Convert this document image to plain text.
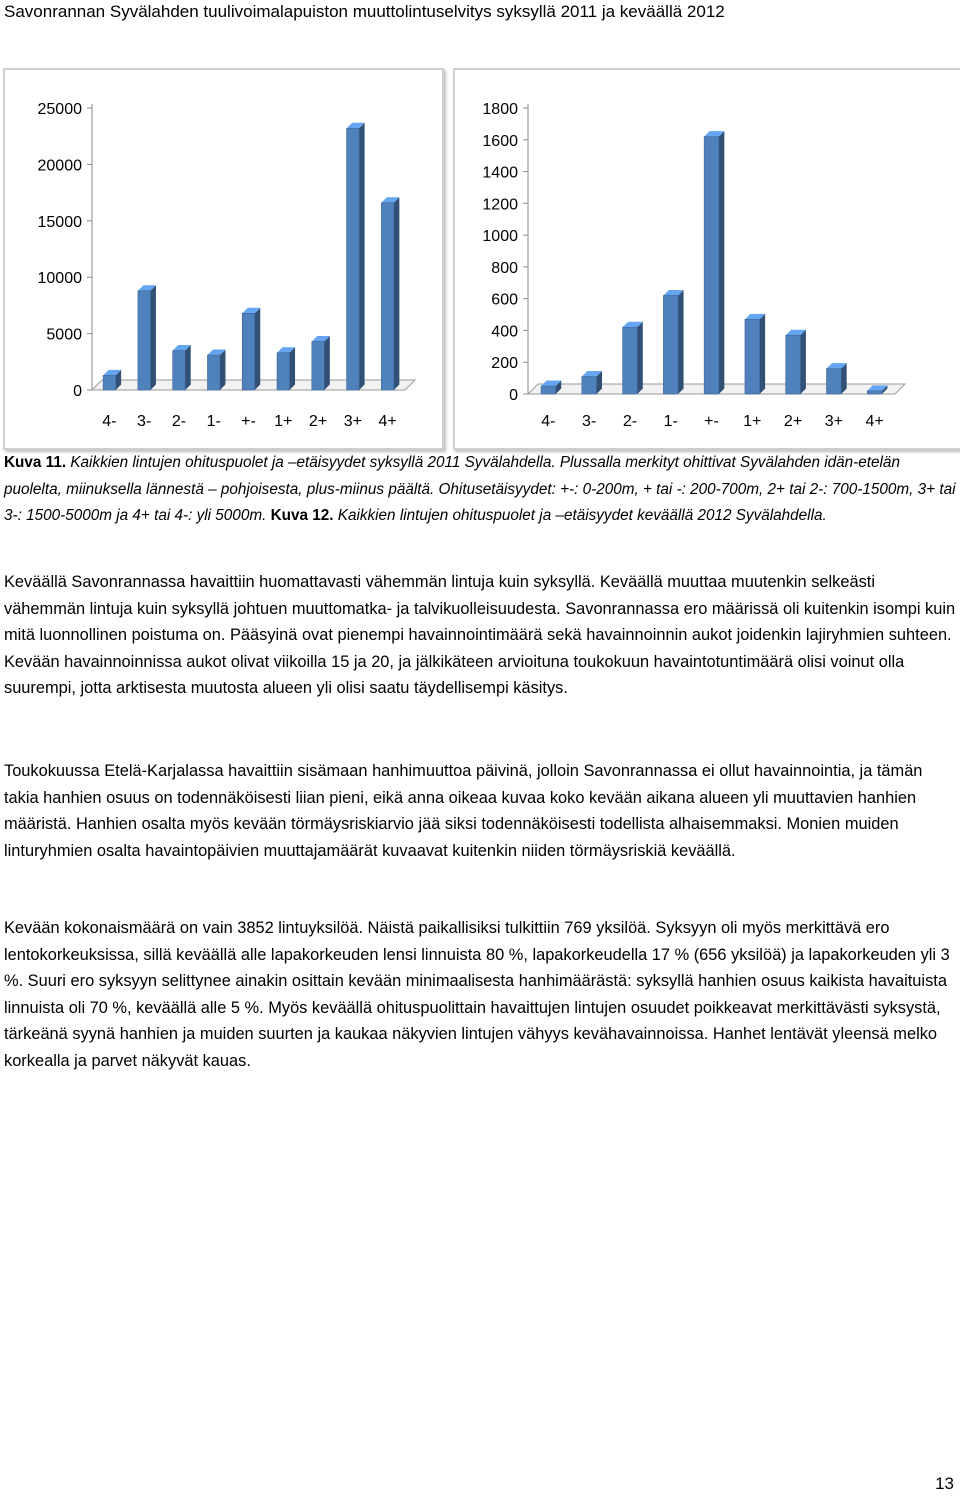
Savonrannan Syvälahden tuulivoimalapuiston muuttolintuselvitys syksyllä 2011 ja keväällä 2012
0
5000
10000
15000
20000
25000
4- 3- 2- 1- +- 1+ 2+ 3+ 4+
0
200
400
600
800
1000
1200
1400
1600
1800
4- 3- 2- 1- +- 1+ 2+ 3+ 4+

Kuva 11. Kaikkien lintujen ohituspuolet ja –etäisyydet syksyllä 2011 Syvälahdella. Plussalla merkityt ohittivat Syvälahden idän-etelän puolelta, miinuksella lännestä – pohjoisesta, plus-miinus päältä. Ohitusetäisyydet: +-: 0-200m, + tai -: 200-700m, 2+ tai 2-: 700-1500m, 3+ tai 3-: 1500-5000m ja 4+ tai 4-: yli 5000m. Kuva 12. Kaikkien lintujen ohituspuolet ja –etäisyydet keväällä 2012 Syvälahdella.

Keväällä Savonrannassa havaittiin huomattavasti vähemmän lintuja kuin syksyllä. Keväällä muuttaa muutenkin selkeästi vähemmän lintuja kuin syksyllä johtuen muuttomatka- ja talvikuolleisuudesta. Savonrannassa ero määrissä oli kuitenkin isompi kuin mitä luonnollinen poistuma on. Pääsyinä ovat pienempi havainnointimäärä sekä havainnoinnin aukot joidenkin lajiryhmien suhteen. Kevään havainnoinnissa aukot olivat viikoilla 15 ja 20, ja jälkikäteen arvioituna toukokuun havaintotuntimäärä olisi voinut olla suurempi, jotta arktisesta muutosta alueen yli olisi saatu täydellisempi käsitys.

Toukokuussa Etelä-Karjalassa havaittiin sisämaan hanhimuuttoa päivinä, jolloin Savonrannassa ei ollut havainnointia, ja tämän takia hanhien osuus on todennäköisesti liian pieni, eikä anna oikeaa kuvaa koko kevään aikana alueen yli muuttavien hanhien määristä. Hanhien osalta myös kevään törmäysriskiarvio jää siksi todennäköisesti todellista alhaisemmaksi. Monien muiden linturyhmien osalta havaintopäivien muuttajamäärät kuvaavat kuitenkin niiden törmäysriskiä keväällä.

Kevään kokonaismäärä on vain 3852 lintuyksilöä. Näistä paikallisiksi tulkittiin 769 yksilöä. Syksyyn oli myös merkittävä ero lentokorkeuksissa, sillä keväällä alle lapakorkeuden lensi linnuista 80 %, lapakorkeudella 17 % (656 yksilöä) ja lapakorkeuden yli 3 %. Suuri ero syksyyn selittynee ainakin osittain kevään minimaalisesta hanhimäärästä: syksyllä hanhien osuus kaikista havaituista linnuista oli 70 %, keväällä alle 5 %. Myös keväällä ohituspuolittain havaittujen lintujen osuudet poikkeavat merkittävästi syksystä, tärkeänä syynä hanhien ja muiden suurten ja kaukaa näkyvien lintujen vähyys kevähavainnoissa. Hanhet lentävät yleensä melko korkealla ja parvet näkyvät kauas.

13
